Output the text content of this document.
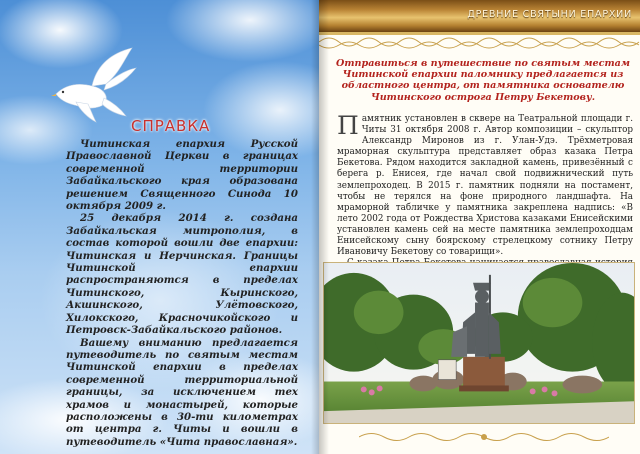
СПРАВКА

Читинская епархия Русской Православной Церкви в границах современной территории Забайкальского края образована решением Священного Синода 10 октября 2009 г.

25 декабря 2014 г. создана Забайкальская митрополия, в состав которой вошли две епархии: Читинская и Нерчинская. Границы Читинской епархии распространяются в пределах Читинского, Кыринского, Акшинского, Улётовского, Хилокского, Красночикойского и Петровск-Забайкальского районов.

Вашему вниманию предлагается путеводитель по святым местам Читинской епархии в пределах современной территориальной границы, за исключением тех храмов и монастырей, которые расположены в 30-ти километрах от центра г. Читы и вошли в путеводитель «Чита православная».

ДРЕВНИЕ СВЯТЫНИ ЕПАРХИИ
Отправиться в путешествие по святым местам Читинской епархии паломнику предлагается из областного центра, от памятника основателю Читинского острога Петру Бекетову.

Памятник установлен в сквере на Театральной площади г. Читы 31 октября 2008 г. Автор композиции – скульптор Александр Миронов из г. Улан-Удэ. Трёхметровая мраморная скульптура представляет образ казака Петра Бекетова. Рядом находится закладной камень, привезённый с берега р. Енисея, где начал свой подвижнический путь землепроходец. В 2015 г. памятник подняли на постамент, чтобы не терялся на фоне природного ландшафта. На мраморной табличке у памятника закреплена надпись: «В лето 2002 года от Рождества Христова казаками Енисейскими установлен камень сей на месте памятника землепроходцам Енисейскому сыну боярскому стрелецкому сотнику Петру Ивановичу Бекетову со товарищи».
